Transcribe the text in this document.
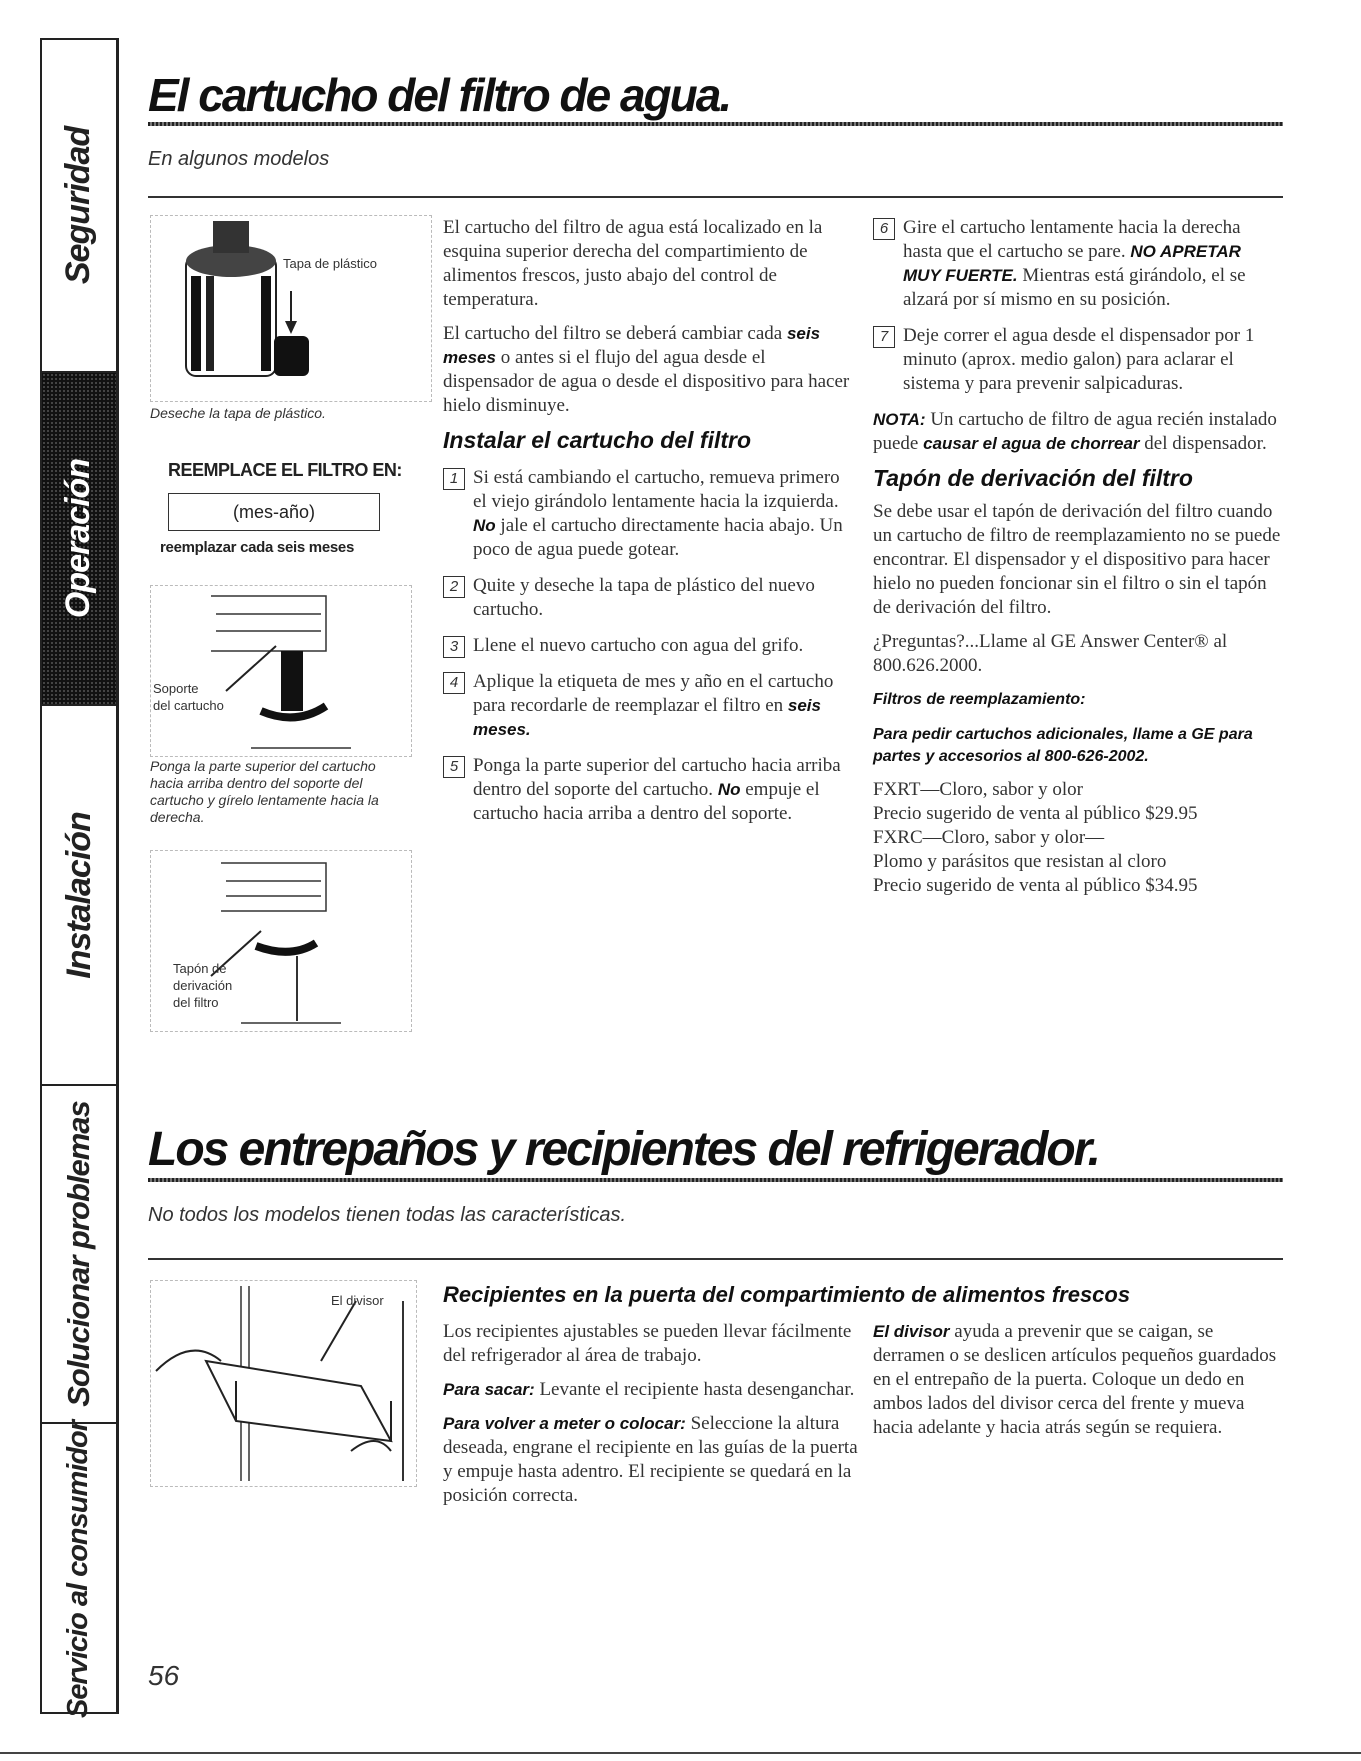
Seguridad
Operación
Instalación
Solucionar problemas
Servicio al consumidor
El cartucho del filtro de agua.
En algunos modelos
Tapa de plástico
Deseche la tapa de plástico.
REEMPLACE EL FILTRO EN:
(mes-año)
reemplazar cada seis meses
Soporte
del cartucho
Ponga la parte superior del cartucho hacia arriba dentro del soporte del cartucho y gírelo lentamente hacia la derecha.
Tapón de
derivación
del filtro

El cartucho del filtro de agua está localizado en la esquina superior derecha del compartimiento de alimentos frescos, justo abajo del control de temperatura.

El cartucho del filtro se deberá cambiar cada seis meses o antes si el flujo del agua desde el dispensador de agua o desde el dispositivo para hacer hielo disminuye.

Instalar el cartucho del filtro
1 Si está cambiando el cartucho, remueva primero el viejo girándolo lentamente hacia la izquierda. No jale el cartucho directamente hacia abajo. Un poco de agua puede gotear.
2 Quite y deseche la tapa de plástico del nuevo cartucho.
3 Llene el nuevo cartucho con agua del grifo.
4 Aplique la etiqueta de mes y año en el cartucho para recordarle de reemplazar el filtro en seis meses.
5 Ponga la parte superior del cartucho hacia arriba dentro del soporte del cartucho. No empuje el cartucho hacia arriba a dentro del soporte.
6 Gire el cartucho lentamente hacia la derecha hasta que el cartucho se pare. NO APRETAR MUY FUERTE. Mientras está girándolo, el se alzará por sí mismo en su posición.
7 Deje correr el agua desde el dispensador por 1 minuto (aprox. medio galon) para aclarar el sistema y para prevenir salpicaduras.

NOTA: Un cartucho de filtro de agua recién instalado puede causar el agua de chorrear del dispensador.

Tapón de derivación del filtro

Se debe usar el tapón de derivación del filtro cuando un cartucho de filtro de reemplazamiento no se puede encontrar. El dispensador y el dispositivo para hacer hielo no pueden foncionar sin el filtro o sin el tapón de derivación del filtro.

¿Preguntas?...Llame al GE Answer Center® al 800.626.2000.

Filtros de reemplazamiento:

Para pedir cartuchos adicionales, llame a GE para partes y accesorios al 800-626-2002.

FXRT—Cloro, sabor y olor
Precio sugerido de venta al público $29.95
FXRC—Cloro, sabor y olor—
Plomo y parásitos que resistan al cloro
Precio sugerido de venta al público $34.95
Los entrepaños y recipientes del refrigerador.
No todos los modelos tienen todas las características.
El divisor	Recipientes en la puerta del compartimiento de alimentos frescos

Los recipientes ajustables se pueden llevar fácilmente del refrigerador al área de trabajo.

Para sacar: Levante el recipiente hasta desenganchar.

Para volver a meter o colocar: Seleccione la altura deseada, engrane el recipiente en las guías de la puerta y empuje hasta adentro. El recipiente se quedará en la posición correcta.

El divisor ayuda a prevenir que se caigan, se derramen o se deslicen artículos pequeños guardados en el entrepaño de la puerta. Coloque un dedo en ambos lados del divisor cerca del frente y mueva hacia adelante y hacia atrás según se requiera.

56
